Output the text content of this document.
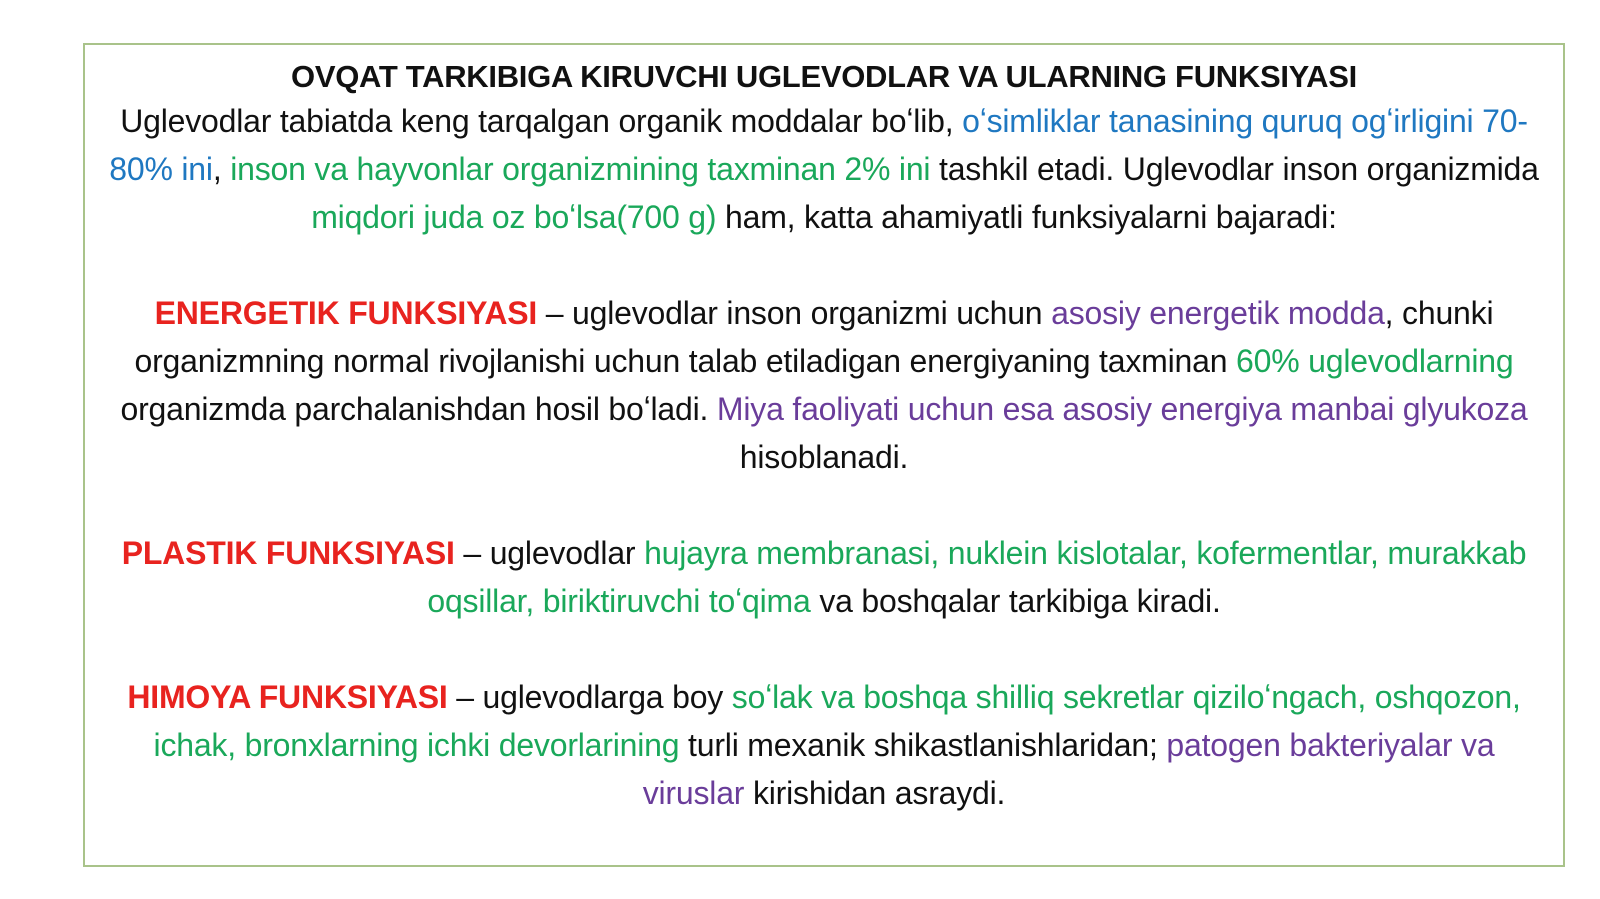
OVQAT TARKIBIGA KIRUVCHI UGLEVODLAR VA ULARNING FUNKSIYASI

Uglevodlar tabiatda keng tarqalgan organik moddalar boʻlib, oʻsimliklar tanasining quruq ogʻirligini 70-80% ini, inson va hayvonlar organizmining taxminan 2% ini tashkil etadi. Uglevodlar inson organizmida miqdori juda oz boʻlsa(700 g) ham, katta ahamiyatli funksiyalarni bajaradi:

ENERGETIK FUNKSIYASI – uglevodlar inson organizmi uchun asosiy energetik modda, chunki organizmning normal rivojlanishi uchun talab etiladigan energiyaning taxminan 60% uglevodlarning organizmda parchalanishdan hosil boʻladi. Miya faoliyati uchun esa asosiy energiya manbai glyukoza hisoblanadi.

PLASTIK FUNKSIYASI – uglevodlar hujayra membranasi, nuklein kislotalar, kofermentlar, murakkab oqsillar, biriktiruvchi toʻqima va boshqalar tarkibiga kiradi.

HIMOYA FUNKSIYASI – uglevodlarga boy soʻlak va boshqa shilliq sekretlar qiziloʻngach, oshqozon, ichak, bronxlarning ichki devorlarining turli mexanik shikastlanishlaridan; patogen bakteriyalar va viruslar kirishidan asraydi.
